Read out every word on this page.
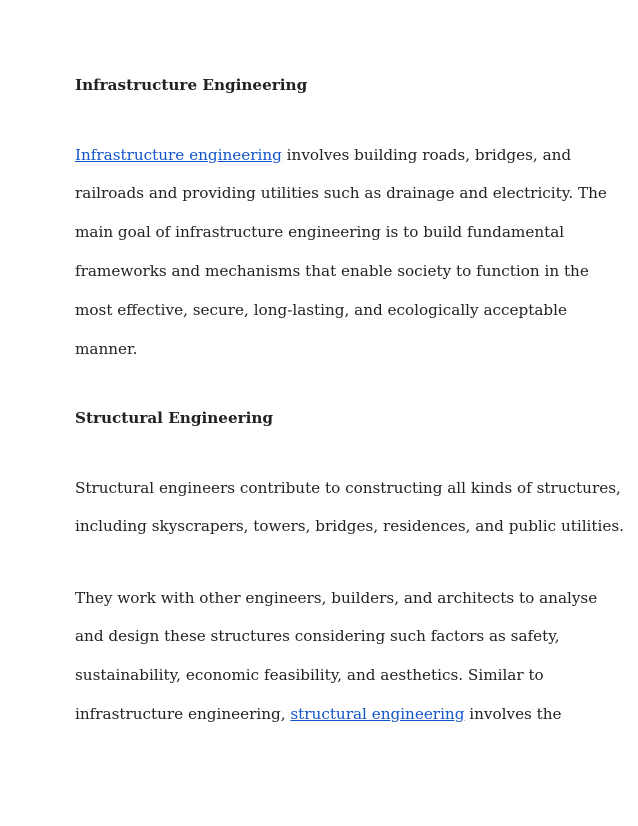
Infrastructure Engineering
Infrastructure engineering involves building roads, bridges, and
railroads and providing utilities such as drainage and electricity. The
main goal of infrastructure engineering is to build fundamental
frameworks and mechanisms that enable society to function in the
most effective, secure, long-lasting, and ecologically acceptable
manner.
Structural Engineering
Structural engineers contribute to constructing all kinds of structures,
including skyscrapers, towers, bridges, residences, and public utilities.
They work with other engineers, builders, and architects to analyse
and design these structures considering such factors as safety,
sustainability, economic feasibility, and aesthetics. Similar to
infrastructure engineering, structural engineering involves the
